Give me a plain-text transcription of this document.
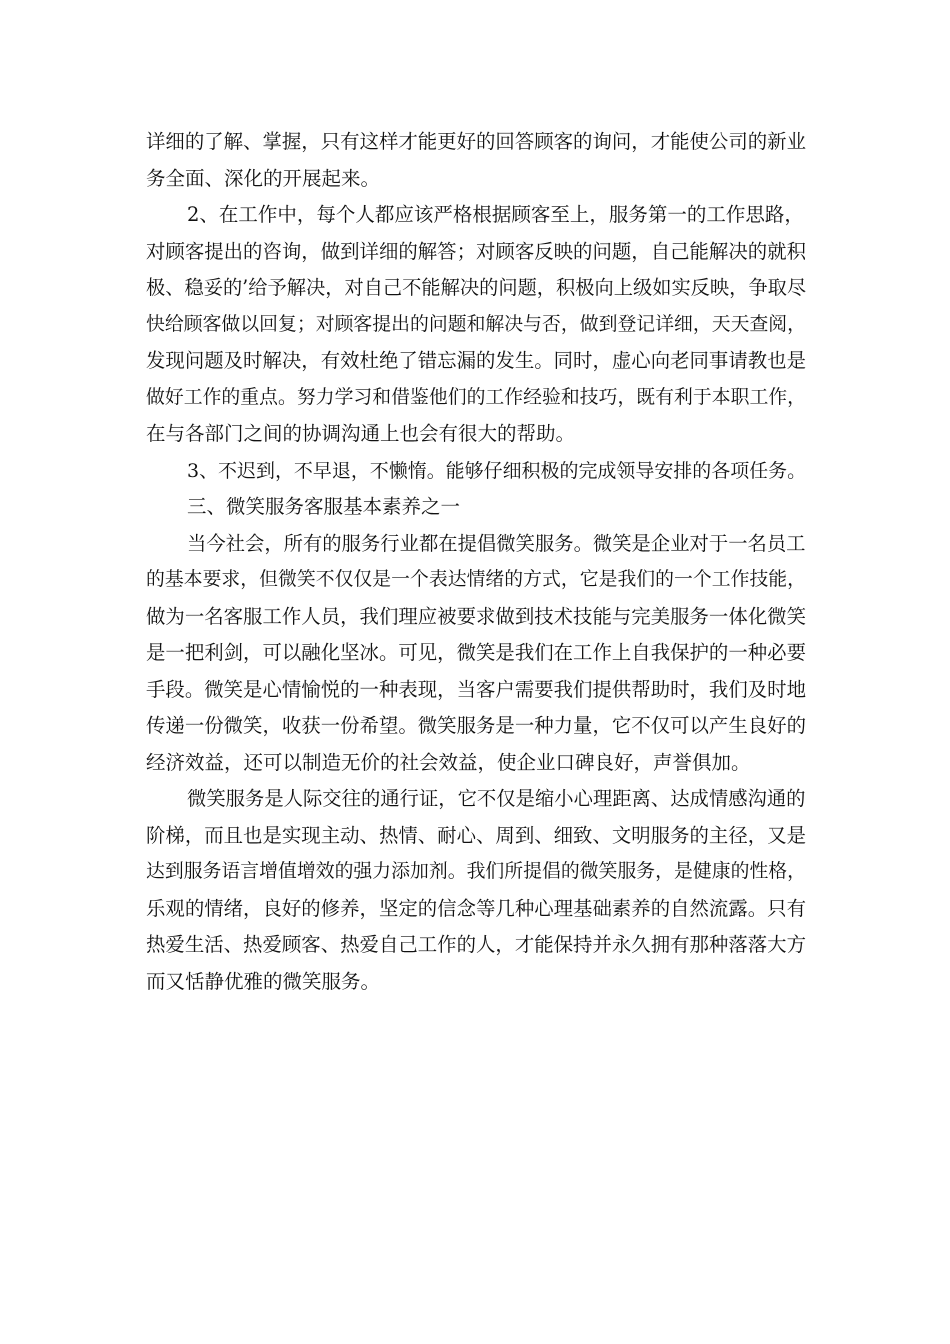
详细的了解、掌握，只有这样才能更好的回答顾客的询问，才能使公司的新业
务全面、深化的开展起来。
2、在工作中，每个人都应该严格根据顾客至上，服务第一的工作思路，
对顾客提出的咨询，做到详细的解答；对顾客反映的问题，自己能解决的就积
极、稳妥的’给予解决，对自己不能解决的问题，积极向上级如实反映，争取尽
快给顾客做以回复；对顾客提出的问题和解决与否，做到登记详细，天天查阅，
发现问题及时解决，有效杜绝了错忘漏的发生。同时，虚心向老同事请教也是
做好工作的重点。努力学习和借鉴他们的工作经验和技巧，既有利于本职工作，
在与各部门之间的协调沟通上也会有很大的帮助。
3、不迟到，不早退，不懒惰。能够仔细积极的完成领导安排的各项任务。
三、微笑服务客服基本素养之一
当今社会，所有的服务行业都在提倡微笑服务。微笑是企业对于一名员工
的基本要求，但微笑不仅仅是一个表达情绪的方式，它是我们的一个工作技能，
做为一名客服工作人员，我们理应被要求做到技术技能与完美服务一体化微笑
是一把利剑，可以融化坚冰。可见，微笑是我们在工作上自我保护的一种必要
手段。微笑是心情愉悦的一种表现，当客户需要我们提供帮助时，我们及时地
传递一份微笑，收获一份希望。微笑服务是一种力量，它不仅可以产生良好的
经济效益，还可以制造无价的社会效益，使企业口碑良好，声誉俱加。
微笑服务是人际交往的通行证，它不仅是缩小心理距离、达成情感沟通的
阶梯，而且也是实现主动、热情、耐心、周到、细致、文明服务的主径，又是
达到服务语言增值增效的强力添加剂。我们所提倡的微笑服务，是健康的性格，
乐观的情绪，良好的修养，坚定的信念等几种心理基础素养的自然流露。只有
热爱生活、热爱顾客、热爱自己工作的人，才能保持并永久拥有那种落落大方
而又恬静优雅的微笑服务。
